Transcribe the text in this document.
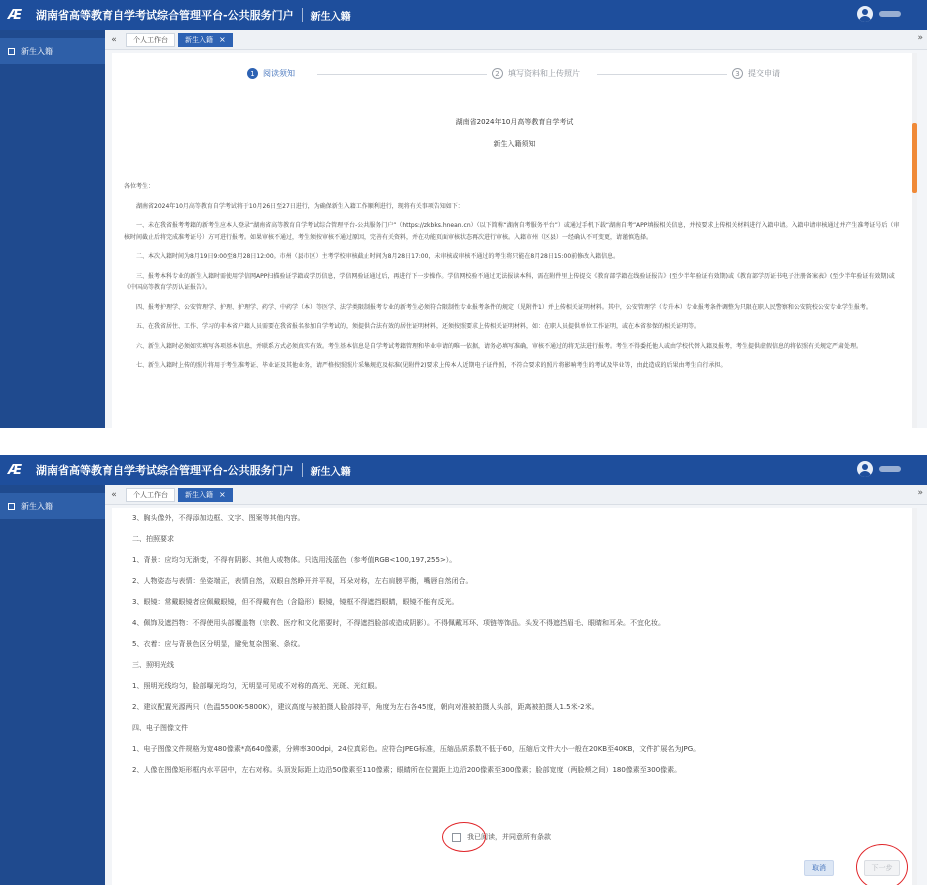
Æ	湖南省高等教育自学考试综合管理平台-公共服务门户 新生入籍
新生入籍
«	个人工作台	新生入籍 ×	»
1	阅读须知	2	填写资料和上传照片	3	提交申请
湖南省2024年10月高等教育自学考试
新生入籍须知

各位考生：

湖南省2024年10月高等教育自学考试将于10月26日至27日进行，为确保新生入籍工作顺利进行，现将有关事项告知如下：

一、未在我省报考考籍的新考生应本人登录“湖南省高等教育自学考试综合管理平台-公共服务门户”（https://zkbks.hnean.cn）（以下简称“湖南自考服务平台”）或通过手机下载“湖南自考”APP填报相关信息，并按要求上传相关材料进行入籍申请。入籍申请审核通过并产生准考证号后（审核时间截止后将完成准考证号）方可进行报考。如果审核不通过，考生须按审核不通过原因，完善有关资料，并在功能页面审核状态再次进行审核。入籍市州（区县）一经确认不可变更，请谨慎选择。

二、本次入籍时间为8月19日9:00至8月28日12:00。市州（县市区）主考学校审核截止时间为8月28日17:00，未审核或审核不通过的考生将只能在8月28日15:00前修改入籍信息。

三、报考本科专业的新生入籍时需使用学信网APP扫描验证学籍或学历信息，学信网验证通过后，再进行下一步操作。学信网校验不通过无法报读本科，需在附件里上传提交《教育部学籍在线验证报告》(至少半年验证有效期)或《教育部学历证书电子注册备案表》(至少半年验证有效期)或《中国高等教育学历认证报告》。

四、报考护理学、公安管理学、护理、护理学、药学、中药学（本）等医学、法学类限制报考专业的新考生必须符合限制性专业报考条件的规定（见附件1）并上传相关证明材料。其中，公安管理学（专升本）专业报考条件调整为只限在职人民警察和公安院校公安专业学生报考。

五、在我省居住、工作、学习的非本省户籍人员需要在我省报名参加自学考试的，须提供合法有效的居住证明材料，还须按照要求上传相关证明材料，如：在职人员提供单位工作证明，或在本省参保的相关证明等。

六、新生入籍时必须如实填写各项基本信息，并联系方式必须真实有效。考生基本信息是自学考试考籍管理和毕业申请的唯一依据，请务必填写准确，审核不通过的将无法进行报考。考生不得委托他人或由学校代替入籍及报考，考生提供虚假信息的将依照有关规定严肃处理。

七、新生入籍时上传的照片将用于考生准考证、毕业证及其他业务，请严格按照照片采集规范及标准(见附件2)要求上传本人近期电子证件照，不符合要求的照片将影响考生的考试及毕业等，由此造成的后果由考生自行承担。

Æ	湖南省高等教育自学考试综合管理平台-公共服务门户 新生入籍
新生入籍
«	个人工作台	新生入籍 ×	»
3、胸头像外，不得添加边框、文字、图案等其他内容。
二、拍照要求
1、背景：应均匀无渐变，不得有阴影、其他人或物体。只选用浅蓝色（参考值RGB<100,197,255>）。
2、人物姿态与表情：坐姿端正，表情自然，双眼自然睁开并平视，耳朵对称，左右肩膀平衡，嘴唇自然闭合。
3、眼镜：常戴眼镜者应佩戴眼镜，但不得戴有色（含隐形）眼镜，镜框不得遮挡眼睛，眼镜不能有反光。
4、佩饰及遮挡物：不得使用头部覆盖物（宗教、医疗和文化需要时，不得遮挡脸部或造成阴影）。不得佩戴耳环、项链等饰品。头发不得遮挡眉毛、眼睛和耳朵。不宜化妆。
5、衣着：应与背景色区分明显，避免复杂图案、条纹。
三、照明光线
1、照明光线均匀，脸部曝光均匀，无明显可见或不对称的高光、光斑、光红眼。
2、建议配置光源两只（色温5500K-5800K），建议高度与被拍摄人脸部持平，角度为左右各45度，朝向对准被拍摄人头部，距离被拍摄人1.5米-2米。
四、电子图像文件
1、电子图像文件规格为宽480像素*高640像素，分辨率300dpi，24位真彩色。应符合JPEG标准，压缩品质系数不低于60，压缩后文件大小一般在20KB至40KB，文件扩展名为JPG。
2、人像在图像矩形框内水平居中，左右对称。头顶发际距上边沿50像素至110像素；眼睛所在位置距上边沿200像素至300像素；脸部宽度（两脸颊之间）180像素至300像素。
我已阅读，并同意所有条款
取消	下一步
